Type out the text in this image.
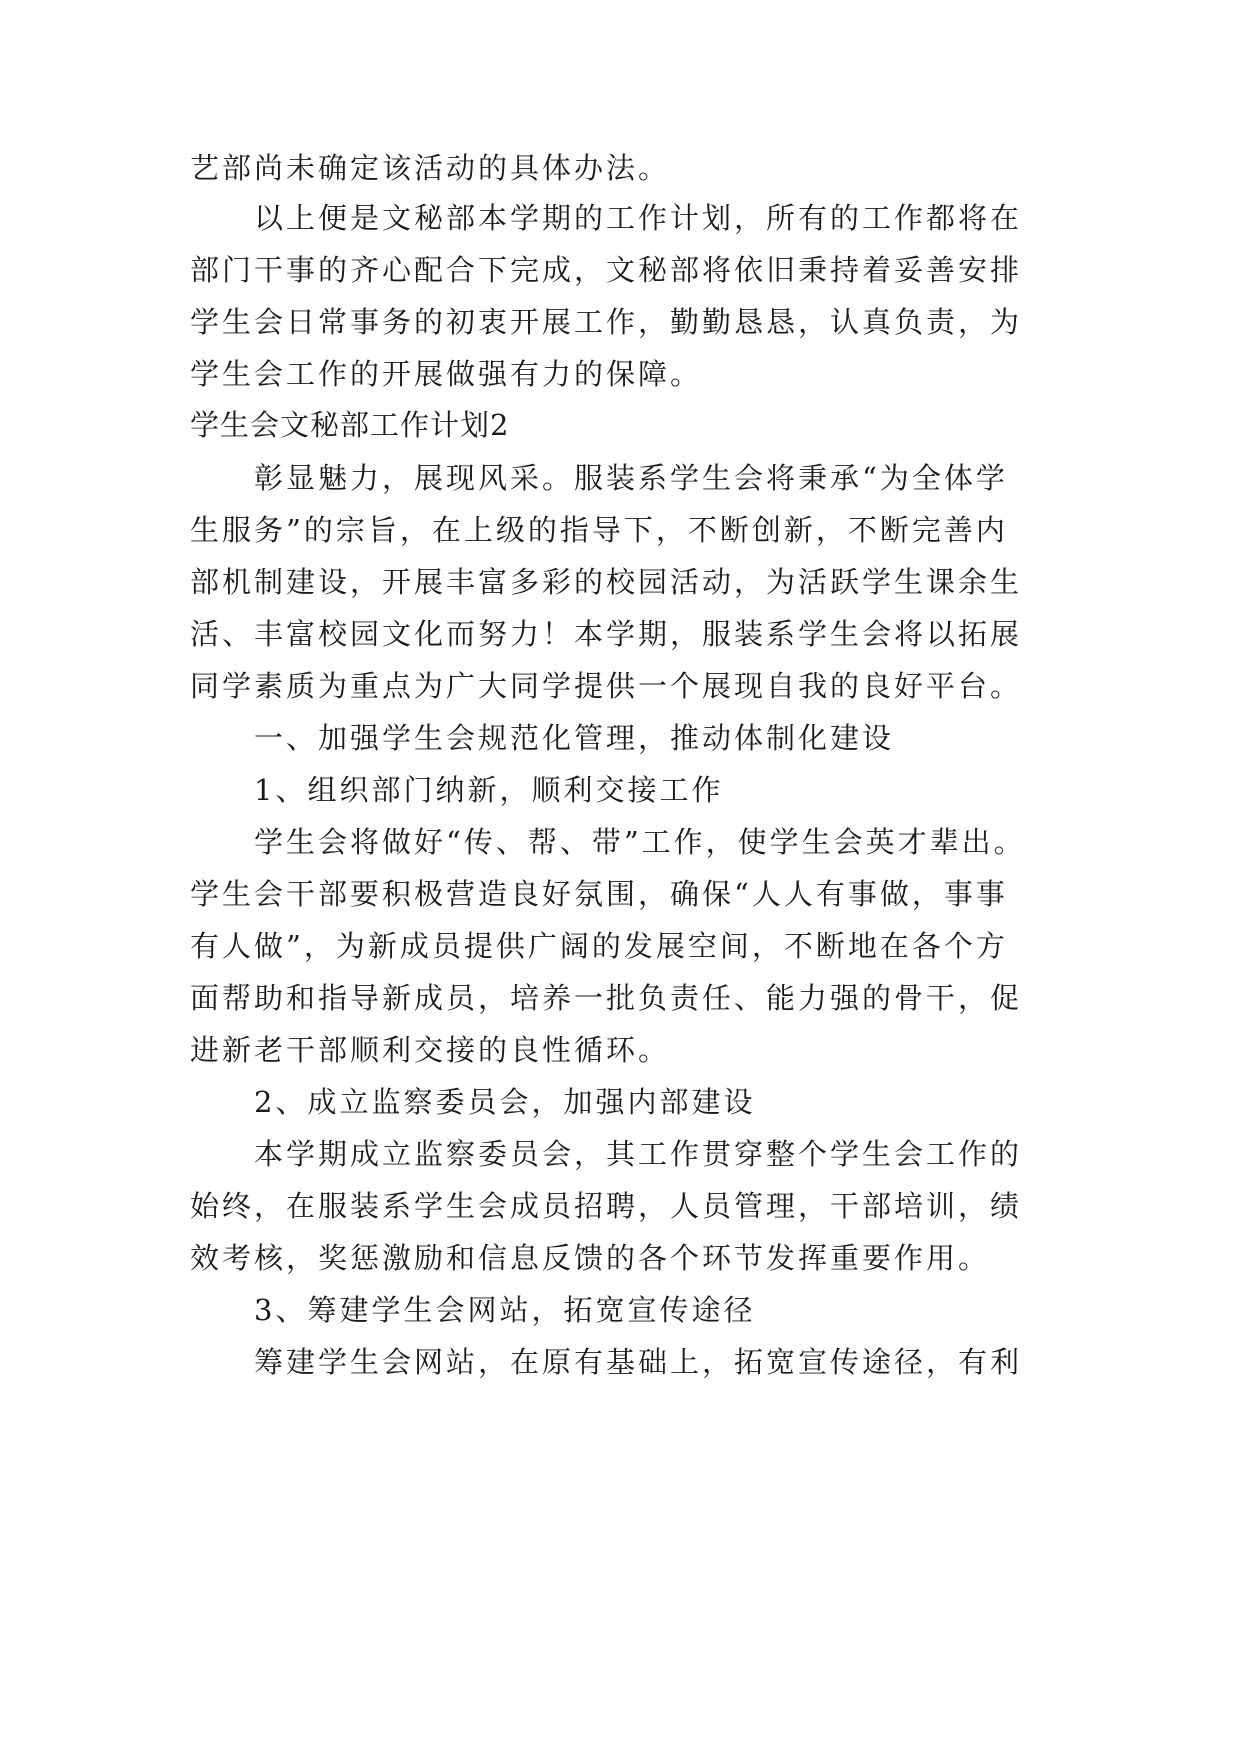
艺部尚未确定该活动的具体办法。
以上便是文秘部本学期的工作计划，所有的工作都将在
部门干事的齐心配合下完成，文秘部将依旧秉持着妥善安排
学生会日常事务的初衷开展工作，勤勤恳恳，认真负责，为
学生会工作的开展做强有力的保障。
学生会文秘部工作计划2
彰显魅力，展现风采。服装系学生会将秉承“为全体学
生服务”的宗旨，在上级的指导下，不断创新，不断完善内
部机制建设，开展丰富多彩的校园活动，为活跃学生课余生
活、丰富校园文化而努力！本学期，服装系学生会将以拓展
同学素质为重点为广大同学提供一个展现自我的良好平台。
一、加强学生会规范化管理，推动体制化建设
1、组织部门纳新，顺利交接工作
学生会将做好“传、帮、带”工作，使学生会英才辈出。
学生会干部要积极营造良好氛围，确保“人人有事做，事事
有人做”，为新成员提供广阔的发展空间，不断地在各个方
面帮助和指导新成员，培养一批负责任、能力强的骨干，促
进新老干部顺利交接的良性循环。
2、成立监察委员会，加强内部建设
本学期成立监察委员会，其工作贯穿整个学生会工作的
始终，在服装系学生会成员招聘，人员管理，干部培训，绩
效考核，奖惩激励和信息反馈的各个环节发挥重要作用。
3、筹建学生会网站，拓宽宣传途径
筹建学生会网站，在原有基础上，拓宽宣传途径，有利
